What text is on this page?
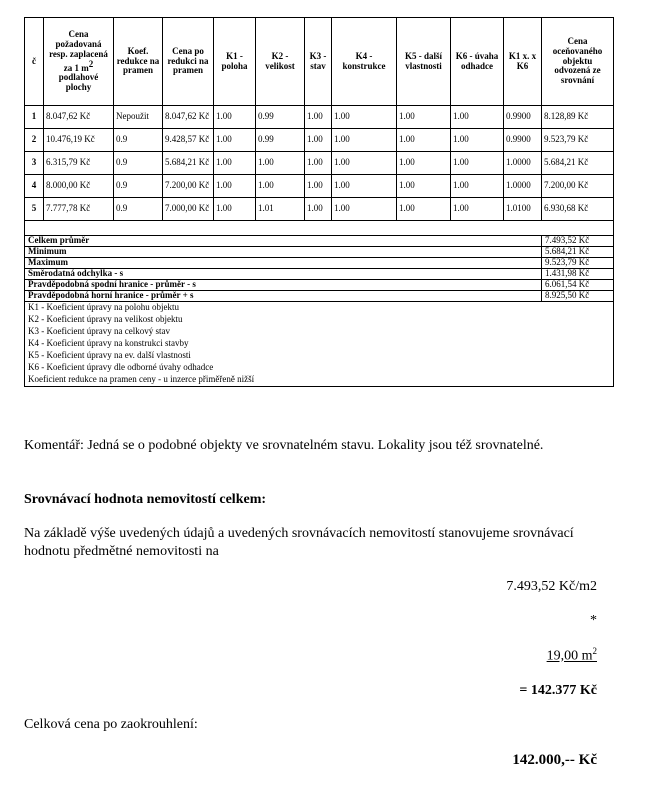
č	Cena požadovaná resp. zaplacená za 1 $m^2$ podlahové plochy	Koef. redukce na pramen	Cena po redukci na pramen	K1 - poloha	K2 - velikost	K3 - stav	K4 - konstrukce	K5 - další vlastnosti	K6 - úvaha odhadce	K1 x. x K6	Cena oceňovaného objektu odvozená ze srovnání
1	8.047,62 Kč	Nepoužit	8.047,62 Kč	1.00	0.99	1.00	1.00	1.00	1.00	0.9900	8.128,89 Kč
2	10.476,19 Kč	0.9	9.428,57 Kč	1.00	0.99	1.00	1.00	1.00	1.00	0.9900	9.523,79 Kč
3	6.315,79 Kč	0.9	5.684,21 Kč	1.00	1.00	1.00	1.00	1.00	1.00	1.0000	5.684,21 Kč
4	8.000,00 Kč	0.9	7.200,00 Kč	1.00	1.00	1.00	1.00	1.00	1.00	1.0000	7.200,00 Kč
5	7.777,78 Kč	0.9	7.000,00 Kč	1.00	1.01	1.00	1.00	1.00	1.00	1.0100	6.930,68 Kč

Celkem průměr											7.493,52 Kč
Minimum											5.684,21 Kč
Maximum											9.523,79 Kč
Směrodatná odchylka - s											1.431,98 Kč
Pravděpodobná spodní hranice - průměr - s											6.061,54 Kč
Pravděpodobná horní hranice - průměr + s											8.925,50 Kč
K1 - Koeficient úpravy na polohu objektu											
K2 - Koeficient úpravy na velikost objektu											
K3 - Koeficient úpravy na celkový stav											
K4 - Koeficient úpravy na konstrukci stavby											
K5 - Koeficient úpravy na ev. další vlastnosti											
K6 - Koeficient úpravy dle odborné úvahy odhadce											
Koeficient redukce na pramen ceny - u inzerce přiměřeně nižší											
Komentář: Jedná se o podobné objekty ve srovnatelném stavu. Lokality jsou též srovnatelné.
Srovnávací hodnota nemovitostí celkem:
Na základě výše uvedených údajů a uvedených srovnávacích nemovitostí stanovujeme srovnávací hodnotu předmětné nemovitosti na
7.493,52 Kč/m2
*
19,00 $m^2$
= 142.377 Kč
Celková cena po zaokrouhlení:
142.000,-- Kč
